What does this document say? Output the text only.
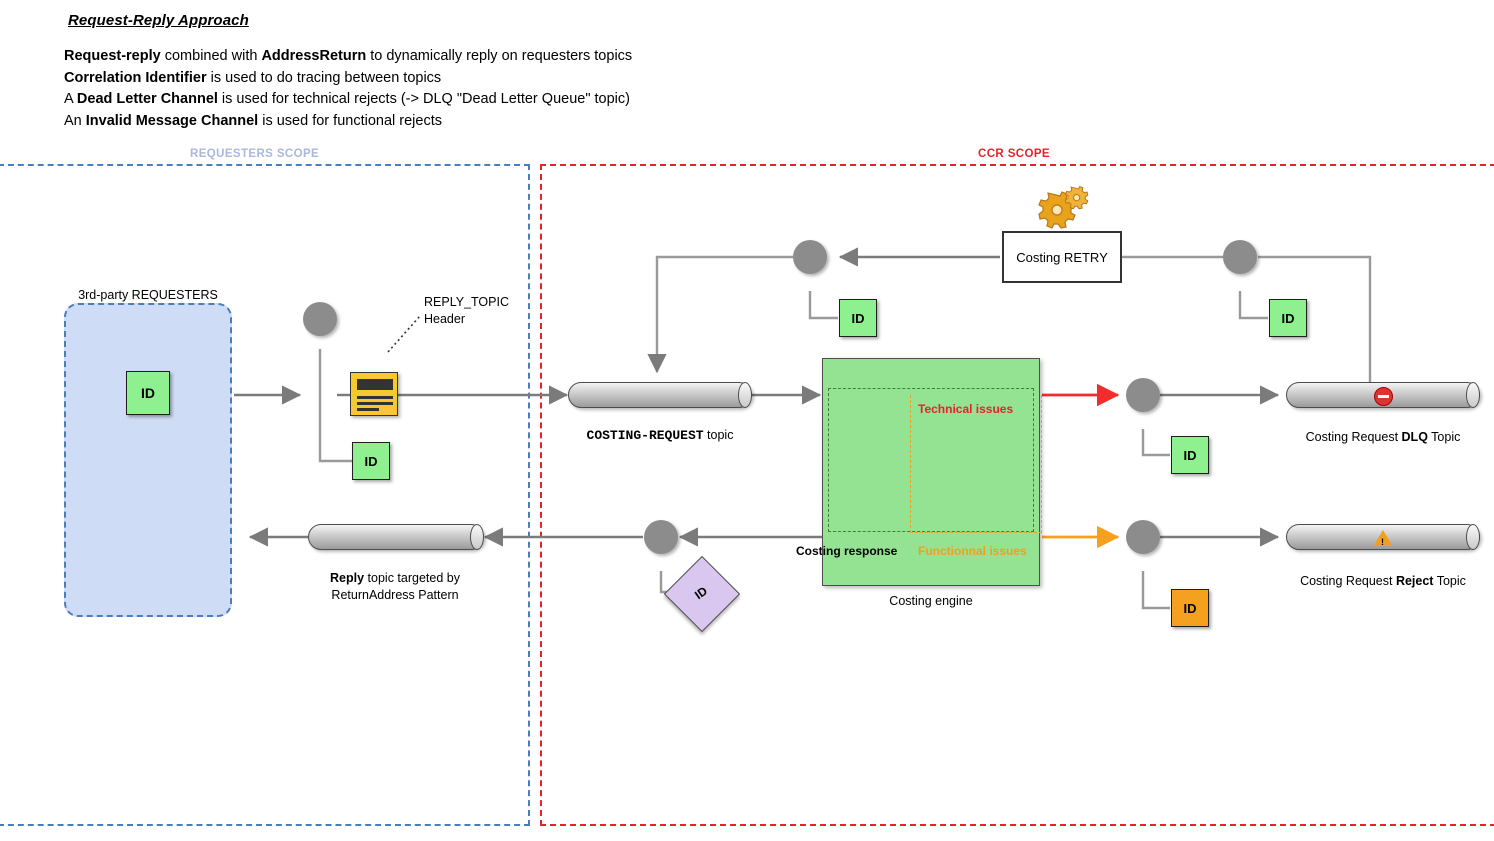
Request-Reply Approach
Request-reply combined with AddressReturn to dynamically reply on requesters topics
Correlation Identifier is used to do tracing between topics
A Dead Letter Channel is used for technical rejects (-> DLQ "Dead Letter Queue" topic)
An Invalid Message Channel is used for functional rejects
REQUESTERS SCOPE	CCR SCOPE
3rd-party REQUESTERS
ID
ID
REPLY_TOPIC
Header
COSTING-REQUEST topic
Reply topic targeted by
ReturnAddress Pattern
Technical issues
Functionnal issues
Costing response
Costing engine
Costing RETRY
ID	ID
ID
Costing Request DLQ Topic
ID
!
Costing Request Reject Topic
ID
